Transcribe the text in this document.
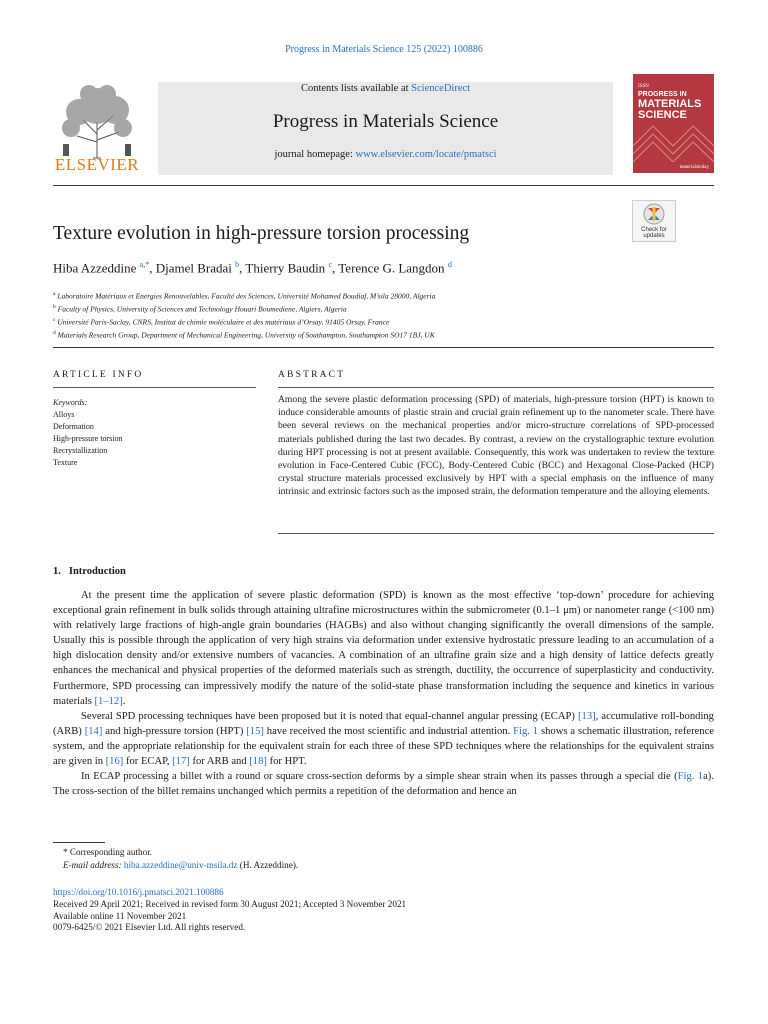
Progress in Materials Science 125 (2022) 100886
ELSEVIER
Contents lists available at ScienceDirect
Progress in Materials Science
journal homepage: www.elsevier.com/locate/pmatsci
ISSN
PROGRESS IN
MATERIALS
SCIENCE
materialstoday
Texture evolution in high-pressure torsion processing	Check for
updates
Hiba Azzeddine $^{a,*}$, Djamel Bradai $^b$, Thierry Baudin $^c$, Terence G. Langdon $^d$
$^a$ Laboratoire Matériaux et Energies Renouvelables, Faculté des Sciences, Université Mohamed Boudiaf, M’sila 28000, Algeria
$^b$ Faculty of Physics, University of Sciences and Technology Houari Boumediene, Algiers, Algeria
$^c$ Université Paris-Saclay, CNRS, Institut de chimie moléculaire et des matériaux d’Orsay, 91405 Orsay, France
$^d$ Materials Research Group, Department of Mechanical Engineering, University of Southampton, Southampton SO17 1BJ, UK
ARTICLE INFO	ABSTRACT
Keywords:
Alloys
Deformation
High-pressure torsion
Recrystallization
Texture
Among the severe plastic deformation processing (SPD) of materials, high-pressure torsion (HPT) is known to induce considerable amounts of plastic strain and crucial grain refinement up to the nanometer scale. There have been several reviews on the mechanical properties and/or micro-structure correlations of SPD-processed materials published during the last two decades. By contrast, a review on the crystallographic texture evolution during HPT processing is not at present available. Consequently, this work was undertaken to review the texture evolution in Face-Centered Cubic (FCC), Body-Centered Cubic (BCC) and Hexagonal Close-Packed (HCP) crystal structure materials processed exclusively by HPT with a special emphasis on the influence of many intrinsic and extrinsic factors such as the imposed strain, the deformation temperature and the alloying elements.
1. Introduction

At the present time the application of severe plastic deformation (SPD) is known as the most effective ‘top-down’ procedure for achieving exceptional grain refinement in bulk solids through attaining ultrafine microstructures within the submicrometer (0.1–1 μm) or nanometer range (<100 nm) with relatively large fractions of high-angle grain boundaries (HAGBs) and also without changing significantly the overall dimensions of the sample. Usually this is possible through the application of very high strains via deformation under extensive hydrostatic pressure leading to an accumulation of a high dislocation density and/or extensive numbers of vacancies. A combination of an ultrafine grain size and a high density of lattice defects greatly enhances the mechanical and physical properties of the deformed materials such as strength, ductility, the occurrence of superplasticity and conductivity. Furthermore, SPD processing can impressively modify the nature of the solid-state phase transformation including the sequence and kinetics in various materials [1–12].

Several SPD processing techniques have been proposed but it is noted that equal-channel angular pressing (ECAP) [13], accumulative roll-bonding (ARB) [14] and high-pressure torsion (HPT) [15] have received the most scientific and industrial attention. Fig. 1 shows a schematic illustration, reference system, and the appropriate relationship for the equivalent strain for each three of these SPD techniques where the relationships for the equivalent strains are given in [16] for ECAP, [17] for ARB and [18] for HPT.

In ECAP processing a billet with a round or square cross-section deforms by a simple shear strain when its passes through a special die (Fig. 1a). The cross-section of the billet remains unchanged which permits a repetition of the deformation and hence an

* Corresponding author.
E-mail address: hiba.azzeddine@univ-msila.dz (H. Azzeddine).
https://doi.org/10.1016/j.pmatsci.2021.100886
Received 29 April 2021; Received in revised form 30 August 2021; Accepted 3 November 2021
Available online 11 November 2021
0079-6425/© 2021 Elsevier Ltd. All rights reserved.
